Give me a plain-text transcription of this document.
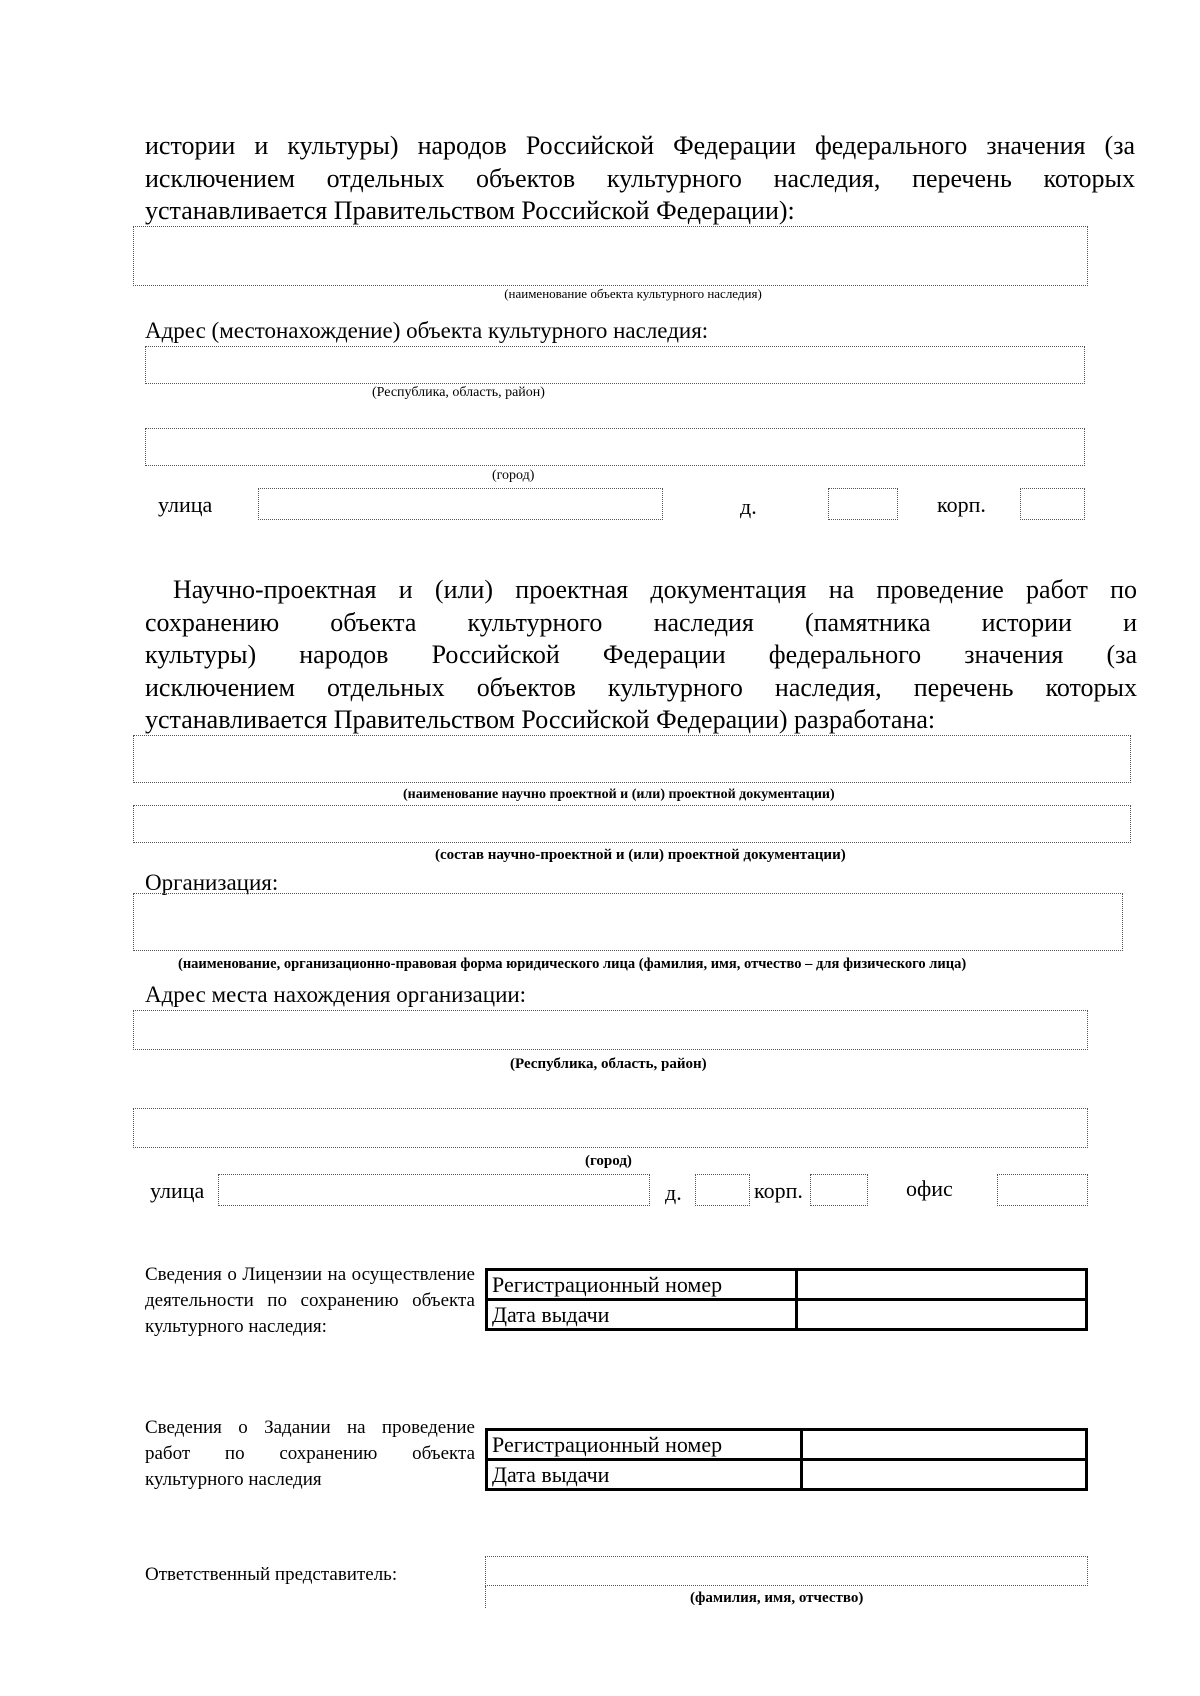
истории и культуры) народов Российской Федерации федерального значения (за
исключением отдельных объектов культурного наследия, перечень которых
устанавливается Правительством Российской Федерации):
(наименование объекта культурного наследия)
Адрес (местонахождение) объекта культурного наследия:
(Республика, область, район)
(город)
улица	д.	корп.
Научно-проектная и (или) проектная документация на проведение работ по
сохранению объекта культурного наследия (памятника истории и
культуры) народов Российской Федерации федерального значения (за
исключением отдельных объектов культурного наследия, перечень которых
устанавливается Правительством Российской Федерации) разработана:
(наименование научно проектной и (или) проектной документации)
(состав научно-проектной и (или) проектной документации)
Организация:
(наименование, организационно-правовая форма юридического лица (фамилия, имя, отчество – для физического лица)
Адрес места нахождения организации:
(Республика, область, район)
(город)
улица	д.	корп.	офис
Сведения о Лицензии на осуществление деятельности по сохранению объекта культурного наследия:
Регистрационный номер	
Дата выдачи	
Сведения о Задании на проведение работ по сохранению объекта культурного наследия
Регистрационный номер	
Дата выдачи	
Ответственный представитель:
(фамилия, имя, отчество)
